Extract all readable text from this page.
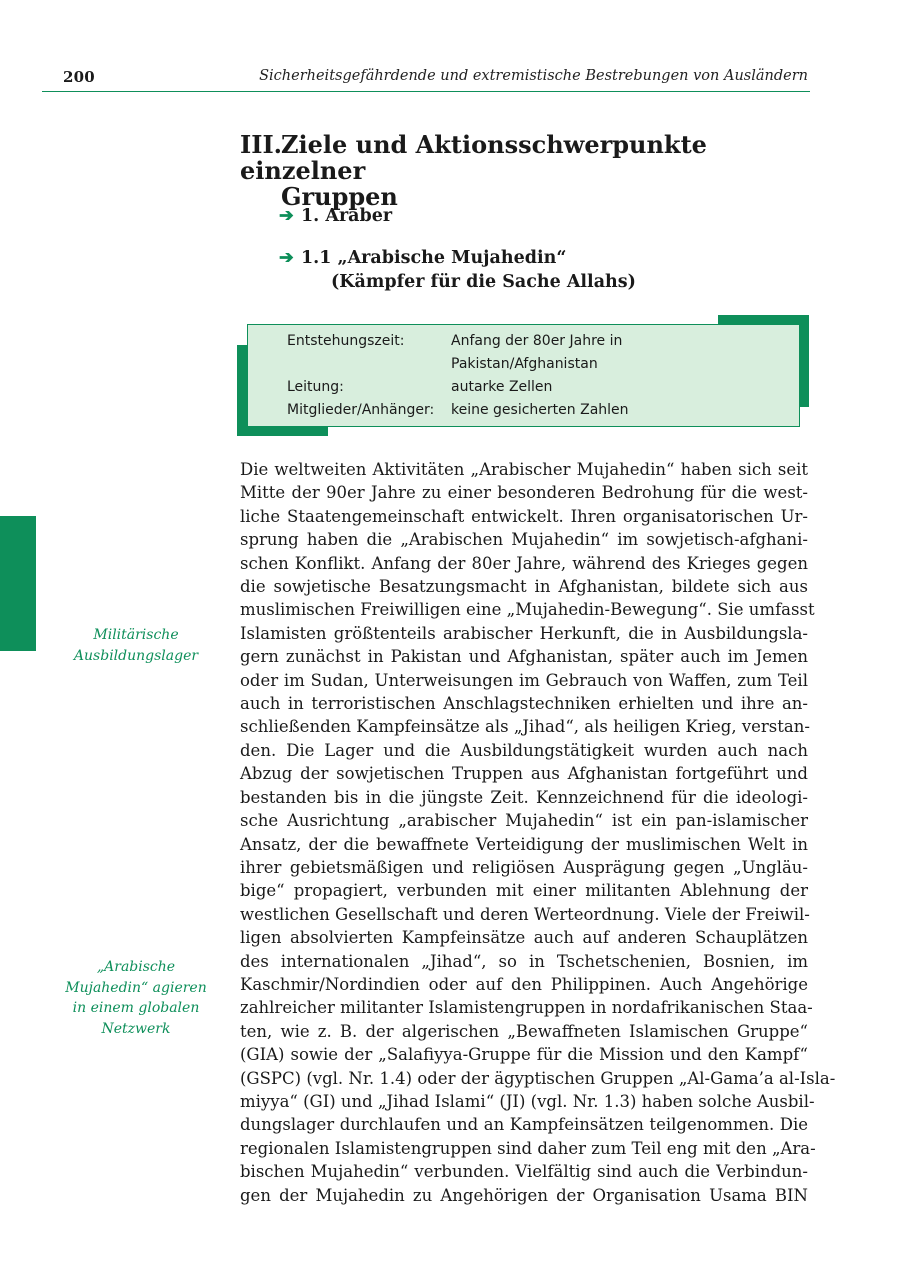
200	Sicherheitsgefährdende und extremistische Bestrebungen von Ausländern
III.Ziele und Aktionsschwerpunkte einzelner
Gruppen
➔ 1. Araber
➔ 1.1 „Arabische Mujahedin“
(Kämpfer für die Sache Allahs)
Entstehungszeit:	Anfang der 80er Jahre in
Pakistan/Afghanistan
Leitung:	autarke Zellen
Mitglieder/Anhänger:	keine gesicherten Zahlen
Militärische
Ausbildungslager
„Arabische
Mujahedin“ agieren
in einem globalen
Netzwerk
Die weltweiten Aktivitäten „Arabischer Mujahedin“ haben sich seit
Mitte der 90er Jahre zu einer besonderen Bedrohung für die west-
liche Staatengemeinschaft entwickelt. Ihren organisatorischen Ur-
sprung haben die „Arabischen Mujahedin“ im sowjetisch-afghani-
schen Konflikt. Anfang der 80er Jahre, während des Krieges gegen
die sowjetische Besatzungsmacht in Afghanistan, bildete sich aus
muslimischen Freiwilligen eine „Mujahedin-Bewegung“. Sie umfasst
Islamisten größtenteils arabischer Herkunft, die in Ausbildungsla-
gern zunächst in Pakistan und Afghanistan, später auch im Jemen
oder im Sudan, Unterweisungen im Gebrauch von Waffen, zum Teil
auch in terroristischen Anschlagstechniken erhielten und ihre an-
schließenden Kampfeinsätze als „Jihad“, als heiligen Krieg, verstan-
den. Die Lager und die Ausbildungstätigkeit wurden auch nach
Abzug der sowjetischen Truppen aus Afghanistan fortgeführt und
bestanden bis in die jüngste Zeit. Kennzeichnend für die ideologi-
sche Ausrichtung „arabischer Mujahedin“ ist ein pan-islamischer
Ansatz, der die bewaffnete Verteidigung der muslimischen Welt in
ihrer gebietsmäßigen und religiösen Ausprägung gegen „Ungläu-
bige“ propagiert, verbunden mit einer militanten Ablehnung der
westlichen Gesellschaft und deren Werteordnung. Viele der Freiwil-
ligen absolvierten Kampfeinsätze auch auf anderen Schauplätzen
des internationalen „Jihad“, so in Tschetschenien, Bosnien, im
Kaschmir/Nordindien oder auf den Philippinen. Auch Angehörige
zahlreicher militanter Islamistengruppen in nordafrikanischen Staa-
ten, wie z. B. der algerischen „Bewaffneten Islamischen Gruppe“
(GIA) sowie der „Salafiyya-Gruppe für die Mission und den Kampf“
(GSPC) (vgl. Nr. 1.4) oder der ägyptischen Gruppen „Al-Gama’a al-Isla-
miyya“ (GI) und „Jihad Islami“ (JI) (vgl. Nr. 1.3) haben solche Ausbil-
dungslager durchlaufen und an Kampfeinsätzen teilgenommen. Die
regionalen Islamistengruppen sind daher zum Teil eng mit den „Ara-
bischen Mujahedin“ verbunden. Vielfältig sind auch die Verbindun-
gen der Mujahedin zu Angehörigen der Organisation Usama BIN
